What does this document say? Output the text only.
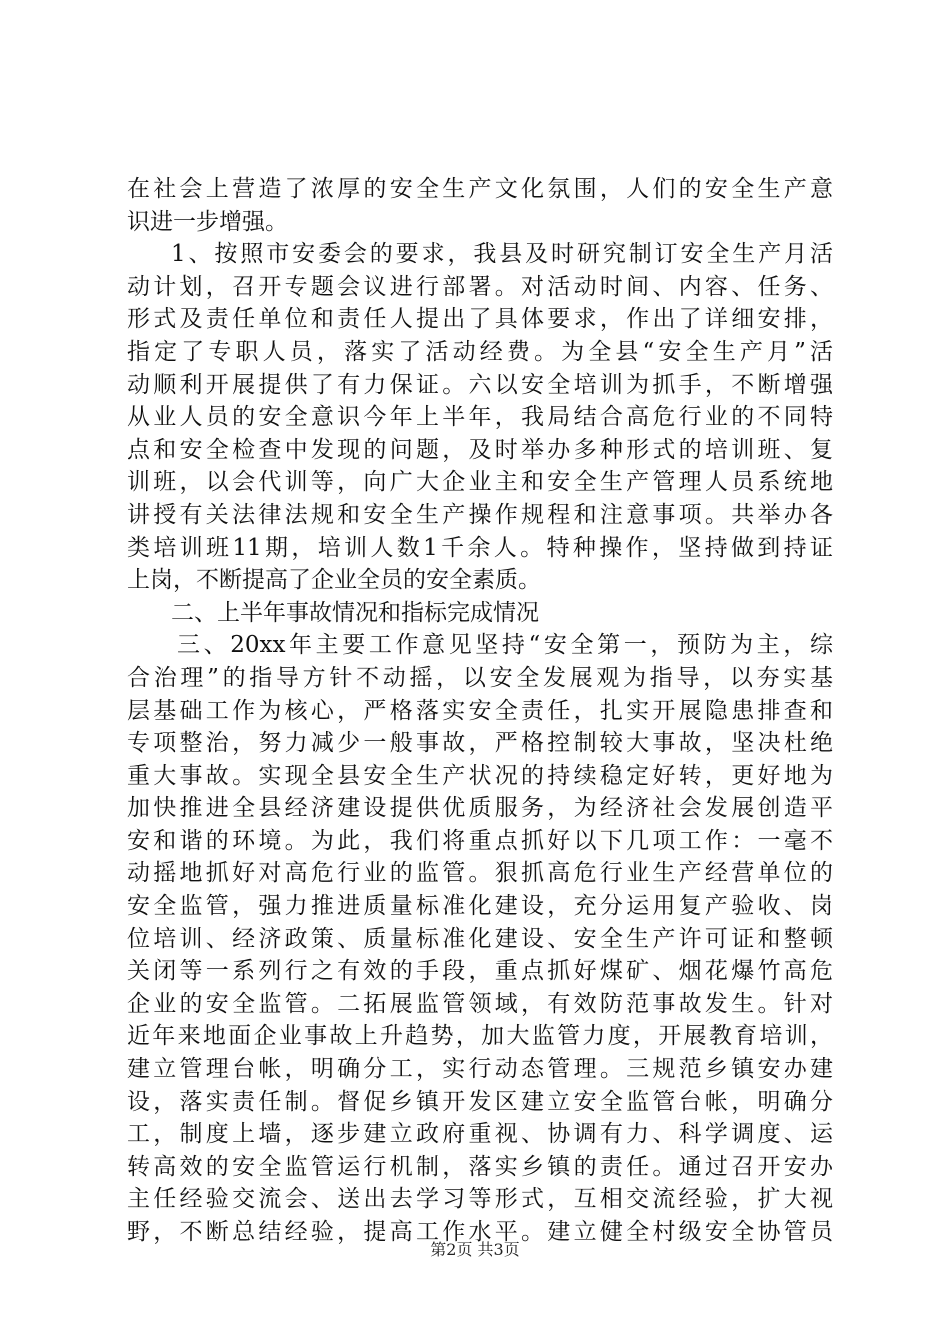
在社会上营造了浓厚的安全生产文化氛围，人们的安全生产意
识进一步增强。
1、按照市安委会的要求，我县及时研究制订安全生产月活
动计划，召开专题会议进行部署。对活动时间、内容、任务、
形式及责任单位和责任人提出了具体要求，作出了详细安排，
指定了专职人员，落实了活动经费。为全县“安全生产月”活
动顺利开展提供了有力保证。六以安全培训为抓手，不断增强
从业人员的安全意识今年上半年，我局结合高危行业的不同特
点和安全检查中发现的问题，及时举办多种形式的培训班、复
训班，以会代训等，向广大企业主和安全生产管理人员系统地
讲授有关法律法规和安全生产操作规程和注意事项。共举办各
类培训班11期，培训人数1千余人。特种操作，坚持做到持证
上岗，不断提高了企业全员的安全素质。
二、上半年事故情况和指标完成情况
三、20xx年主要工作意见坚持“安全第一，预防为主，综
合治理”的指导方针不动摇，以安全发展观为指导，以夯实基
层基础工作为核心，严格落实安全责任，扎实开展隐患排查和
专项整治，努力减少一般事故，严格控制较大事故，坚决杜绝
重大事故。实现全县安全生产状况的持续稳定好转，更好地为
加快推进全县经济建设提供优质服务，为经济社会发展创造平
安和谐的环境。为此，我们将重点抓好以下几项工作：一毫不
动摇地抓好对高危行业的监管。狠抓高危行业生产经营单位的
安全监管，强力推进质量标准化建设，充分运用复产验收、岗
位培训、经济政策、质量标准化建设、安全生产许可证和整顿
关闭等一系列行之有效的手段，重点抓好煤矿、烟花爆竹高危
企业的安全监管。二拓展监管领域，有效防范事故发生。针对
近年来地面企业事故上升趋势，加大监管力度，开展教育培训，
建立管理台帐，明确分工，实行动态管理。三规范乡镇安办建
设，落实责任制。督促乡镇开发区建立安全监管台帐，明确分
工，制度上墙，逐步建立政府重视、协调有力、科学调度、运
转高效的安全监管运行机制，落实乡镇的责任。通过召开安办
主任经验交流会、送出去学习等形式，互相交流经验，扩大视
野，不断总结经验，提高工作水平。建立健全村级安全协管员
第2页 共3页
